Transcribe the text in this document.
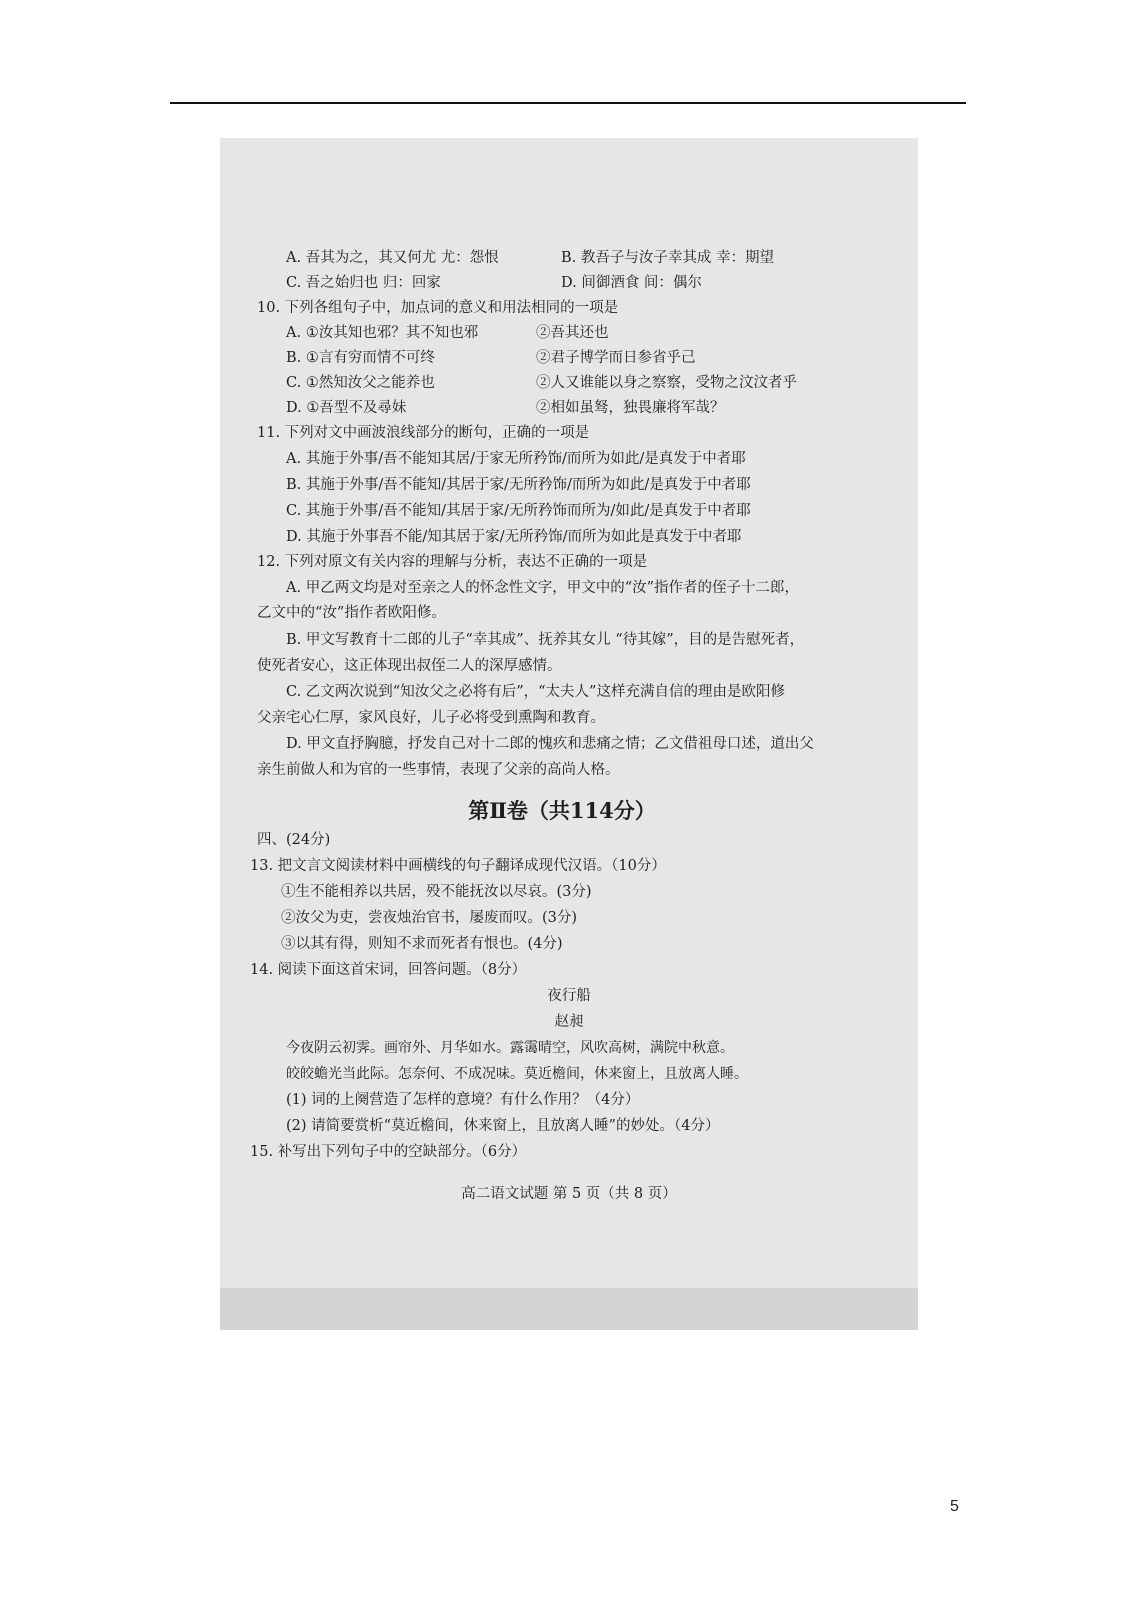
A. 吾其为之，其又何尤 尤：怨恨	B. 教吾子与汝子幸其成 幸：期望
C. 吾之始归也 归：回家	D. 间御酒食 间：偶尔
10. 下列各组句子中，加点词的意义和用法相同的一项是
A. ①汝其知也邪？其不知也邪	②吾其还也
B. ①言有穷而情不可终	②君子博学而日参省乎己
C. ①然知汝父之能养也	②人又谁能以身之察察，受物之汶汶者乎
D. ①吾型不及尋妹	②相如虽驽，独畏廉将军哉？
11. 下列对文中画波浪线部分的断句，正确的一项是
A. 其施于外事/吾不能知其居/于家无所矜饰/而所为如此/是真发于中者耶
B. 其施于外事/吾不能知/其居于家/无所矜饰/而所为如此/是真发于中者耶
C. 其施于外事/吾不能知/其居于家/无所矜饰而所为/如此/是真发于中者耶
D. 其施于外事吾不能/知其居于家/无所矜饰/而所为如此是真发于中者耶
12. 下列对原文有关内容的理解与分析，表达不正确的一项是
A. 甲乙两文均是对至亲之人的怀念性文字，甲文中的“汝”指作者的侄子十二郎，
乙文中的“汝”指作者欧阳修。
B. 甲文写教育十二郎的儿子“幸其成”、抚养其女儿 “待其嫁”，目的是告慰死者，
使死者安心，这正体现出叔侄二人的深厚感情。
C. 乙文两次说到“知汝父之必将有后”，“太夫人”这样充满自信的理由是欧阳修
父亲宅心仁厚，家风良好，儿子必将受到熏陶和教育。
D. 甲文直抒胸臆，抒发自己对十二郎的愧疚和悲痛之情；乙文借祖母口述，道出父
亲生前做人和为官的一些事情，表现了父亲的高尚人格。
第Ⅱ卷（共114分）
四、(24分)
13. 把文言文阅读材料中画横线的句子翻译成现代汉语。（10分）
①生不能相养以共居，殁不能抚汝以尽哀。(3分)
②汝父为吏，尝夜烛治官书，屡废而叹。(3分)
③以其有得，则知不求而死者有恨也。(4分)
14. 阅读下面这首宋词，回答问题。（8分）
夜行船
赵昶
今夜阴云初霁。画帘外、月华如水。露霭晴空，风吹高树，满院中秋意。
皎皎蟾光当此际。怎奈何、不成况味。莫近檐间，休来窗上，且放离人睡。
(1) 词的上阕营造了怎样的意境？有什么作用？（4分）
(2) 请简要赏析“莫近檐间，休来窗上，且放离人睡”的妙处。（4分）
15. 补写出下列句子中的空缺部分。（6分）
高二语文试题 第 5 页（共 8 页）
5
